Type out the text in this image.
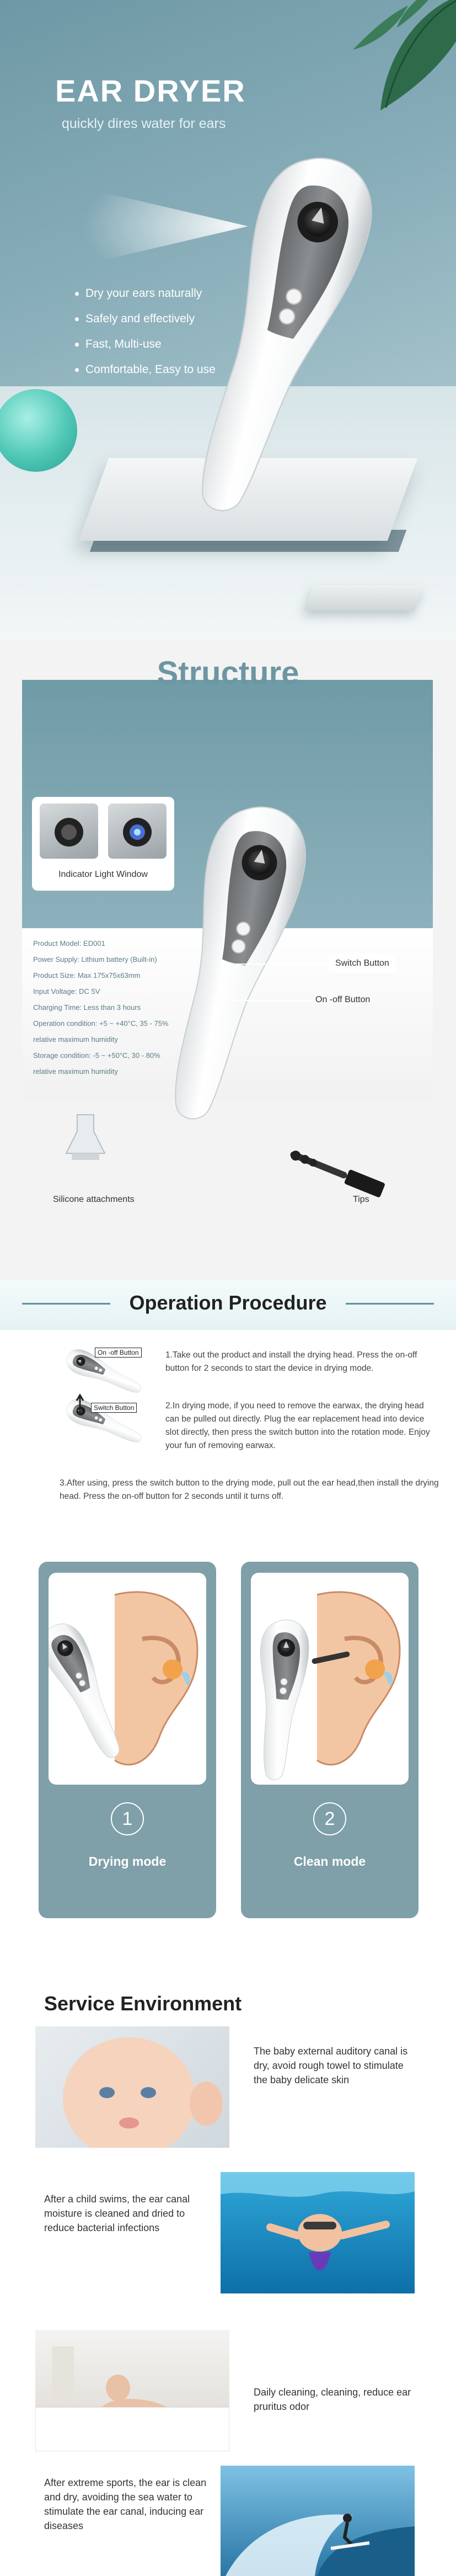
EAR DRYER
quickly dires water for ears
Dry your ears naturally
Safely and effectively
Fast, Multi-use
Comfortable, Easy to use
Indicator Light Window
Product Model: ED001
Power Supply: Lithium battery (Built-in)
Product Size: Max 175x75x63mm
Input Voltage: DC 5V
Charging Time: Less than 3 hours
Operation condition: +5 ~ +40°C, 35 - 75%
relative maximum humidity
Storage condition: -5 ~ +50°C, 30 - 80%
relative maximum humidity
Switch Button
On -off Button
Structure
Silicone attachments	Tips
Operation Procedure
On -off Button	1.Take out the product and install the drying head. Press the on-off button for 2 seconds to start the device in drying mode.
Switch Button	2.In drying mode, if you need to remove the earwax, the drying head can be pulled out directly. Plug the ear replacement head into device slot directly, then press the switch button into the rotation mode. Enjoy your fun of removing earwax.
3.After using, press the switch button to the drying mode, pull out the ear head,then install the drying head. Press the on-off button for 2 seconds until it turns off.
1
Drying mode
2
Clean mode
Service Environment
The baby external auditory canal is dry, avoid rough towel to stimulate the baby delicate skin
After a child swims, the ear canal moisture is cleaned and dried to reduce bacterial infections
Daily cleaning, cleaning, reduce ear pruritus odor
After extreme sports, the ear is clean and dry, avoiding the sea water to stimulate the ear canal, inducing ear diseases
